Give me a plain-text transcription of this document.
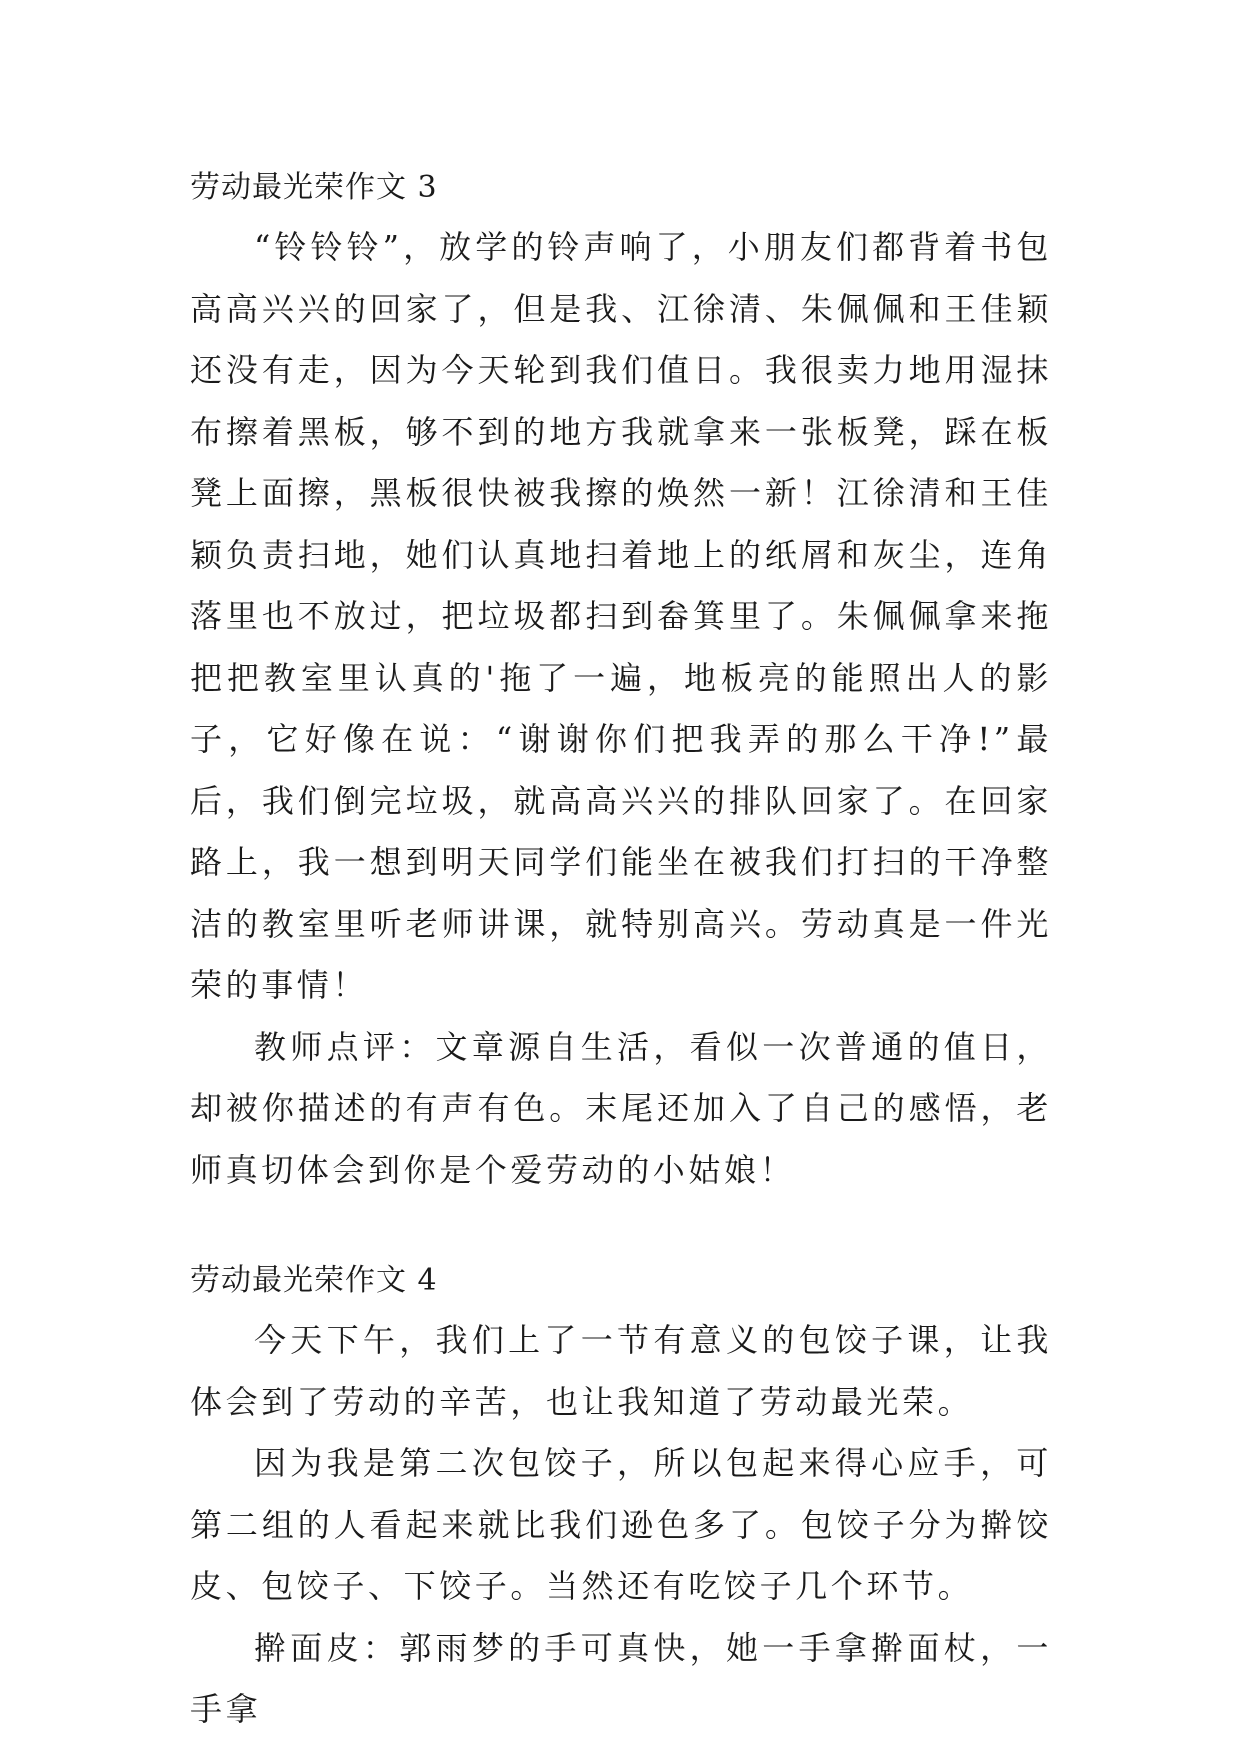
劳动最光荣作文 3

“铃铃铃”，放学的铃声响了，小朋友们都背着书包高高兴兴的回家了，但是我、江徐清、朱佩佩和王佳颖还没有走，因为今天轮到我们值日。我很卖力地用湿抹布擦着黑板，够不到的地方我就拿来一张板凳，踩在板凳上面擦，黑板很快被我擦的焕然一新！江徐清和王佳颖负责扫地，她们认真地扫着地上的纸屑和灰尘，连角落里也不放过，把垃圾都扫到畚箕里了。朱佩佩拿来拖把把教室里认真的'拖了一遍，地板亮的能照出人的影子，它好像在说：“谢谢你们把我弄的那么干净!”最后，我们倒完垃圾，就高高兴兴的排队回家了。在回家路上，我一想到明天同学们能坐在被我们打扫的干净整洁的教室里听老师讲课，就特别高兴。劳动真是一件光荣的事情！

教师点评：文章源自生活，看似一次普通的值日，却被你描述的有声有色。末尾还加入了自己的感悟，老师真切体会到你是个爱劳动的小姑娘！

劳动最光荣作文 4

今天下午，我们上了一节有意义的包饺子课，让我体会到了劳动的辛苦，也让我知道了劳动最光荣。

因为我是第二次包饺子，所以包起来得心应手，可第二组的人看起来就比我们逊色多了。包饺子分为擀饺皮、包饺子、下饺子。当然还有吃饺子几个环节。

擀面皮：郭雨梦的手可真快，她一手拿擀面杖，一手拿
